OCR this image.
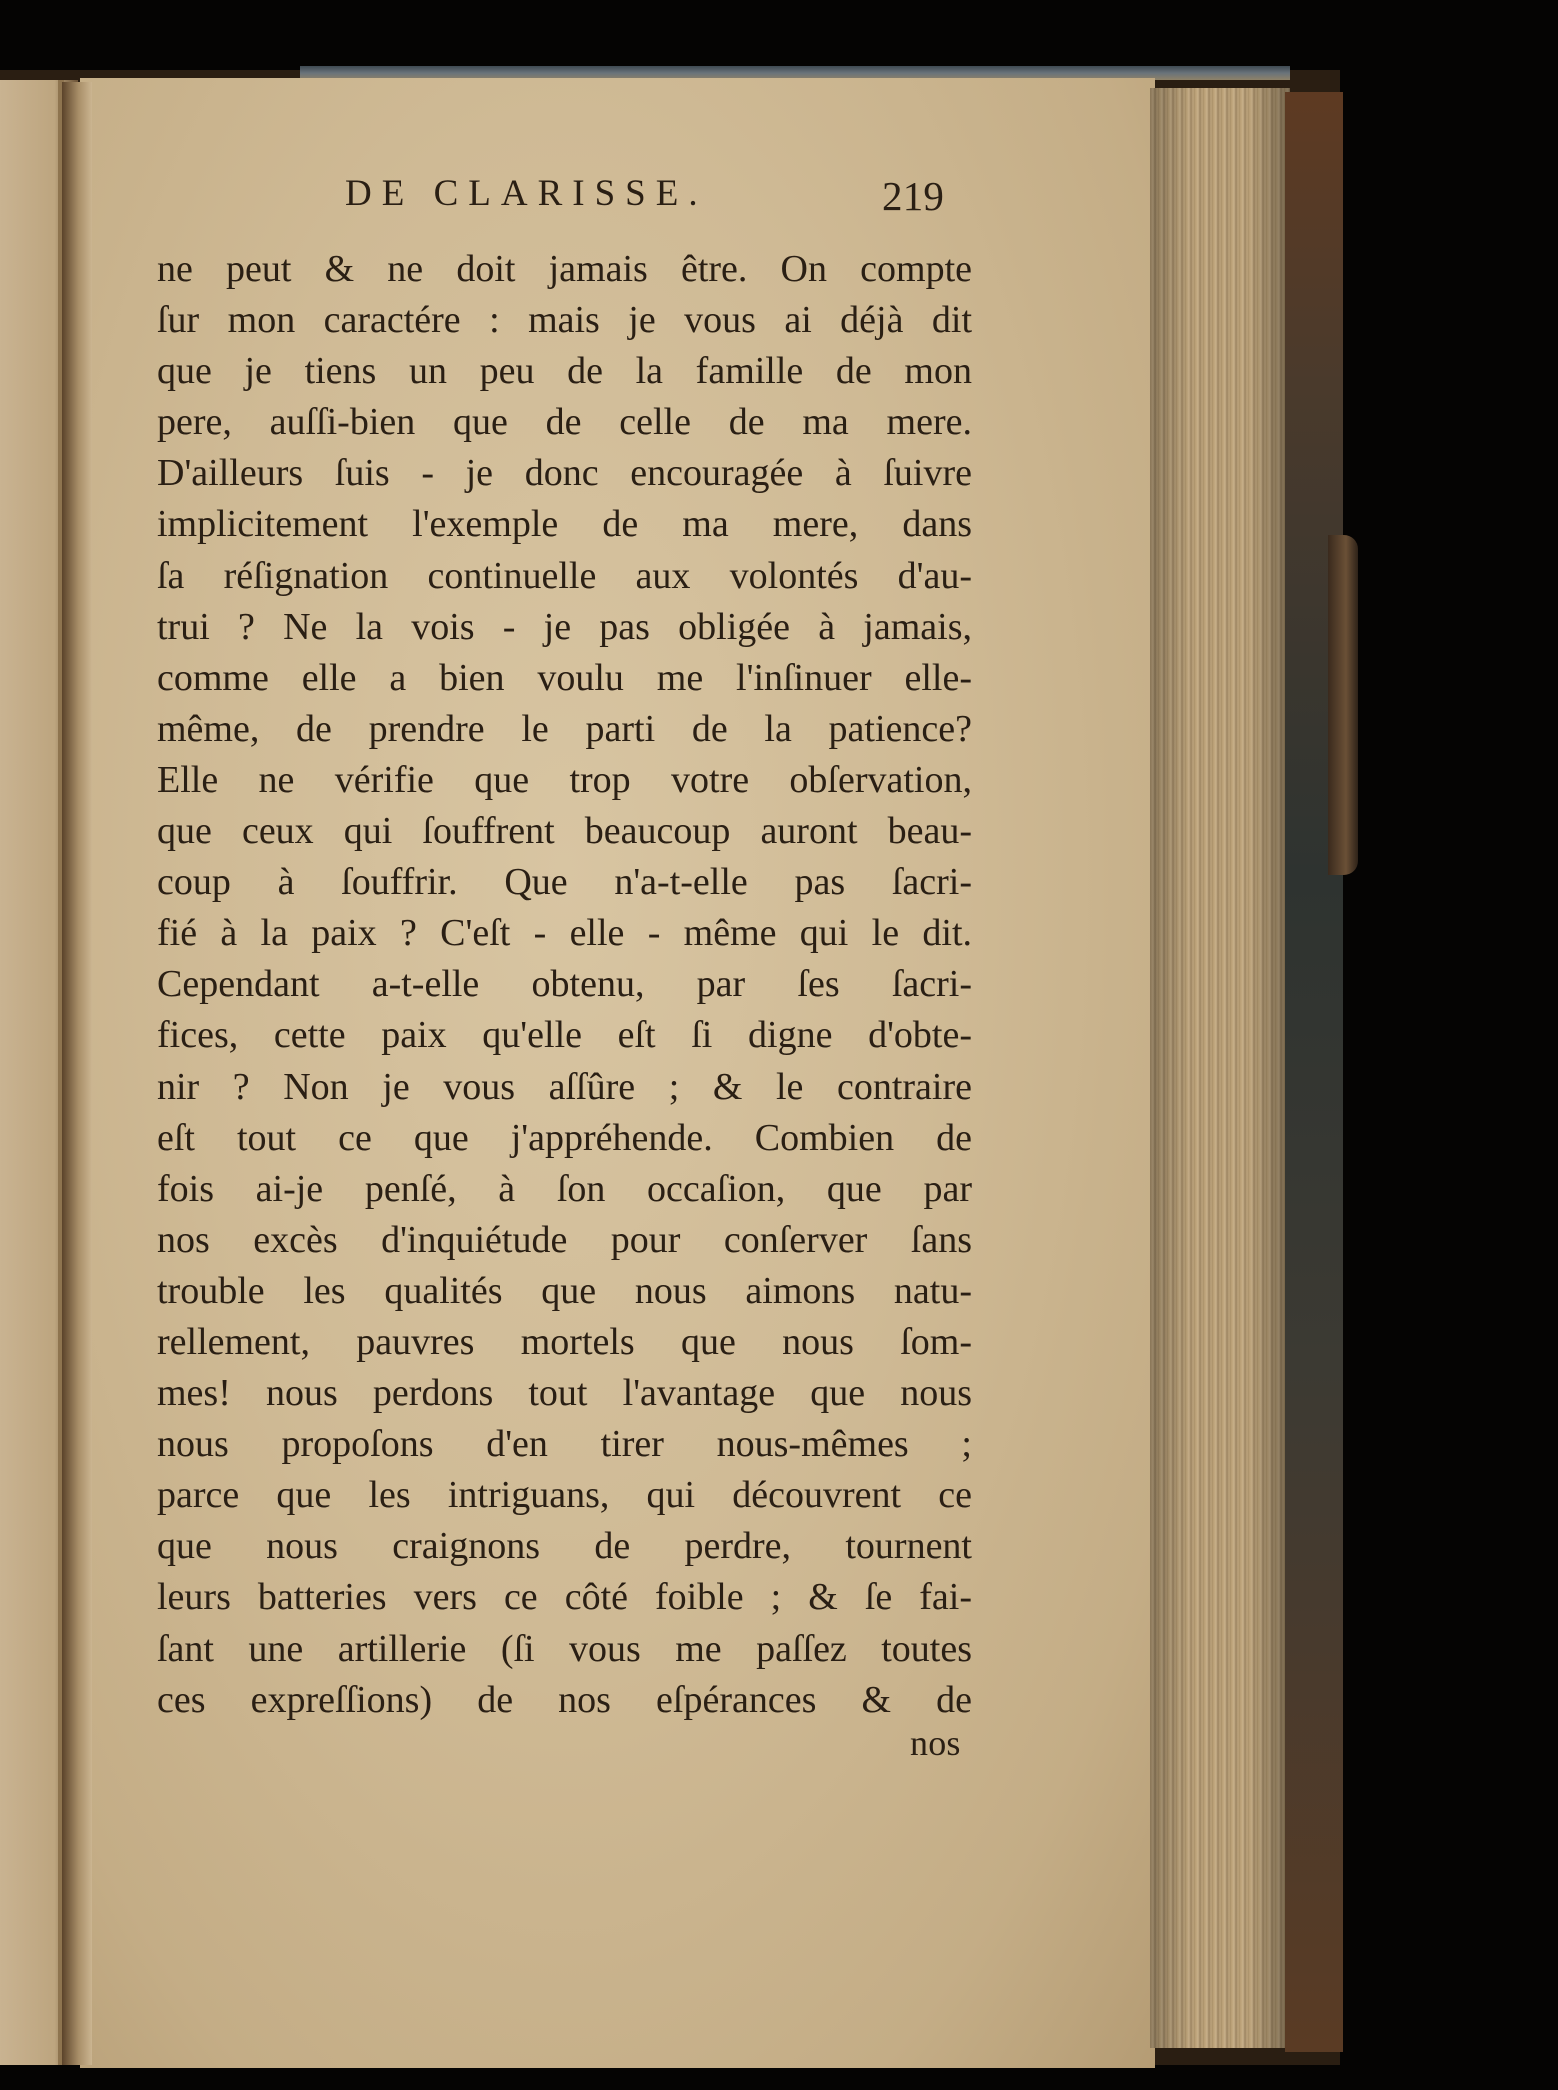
DE CLARISSE.	219
ne peut & ne doit jamais être. On compte
ſur mon caractére : mais je vous ai déjà dit
que je tiens un peu de la famille de mon
pere, auſſi-bien que de celle de ma mere.
D'ailleurs ſuis - je donc encouragée à ſuivre
implicitement l'exemple de ma mere, dans
ſa réſignation continuelle aux volontés d'au-
trui ? Ne la vois - je pas obligée à jamais,
comme elle a bien voulu me l'inſinuer elle-
même, de prendre le parti de la patience?
Elle ne vérifie que trop votre obſervation,
que ceux qui ſouffrent beaucoup auront beau-
coup à ſouffrir. Que n'a-t-elle pas ſacri-
fié à la paix ? C'eſt - elle - même qui le dit.
Cependant a-t-elle obtenu, par ſes ſacri-
fices, cette paix qu'elle eſt ſi digne d'obte-
nir ? Non je vous aſſûre ; & le contraire
eſt tout ce que j'appréhende. Combien de
fois ai-je penſé, à ſon occaſion, que par
nos excès d'inquiétude pour conſerver ſans
trouble les qualités que nous aimons natu-
rellement, pauvres mortels que nous ſom-
mes! nous perdons tout l'avantage que nous
nous propoſons d'en tirer nous-mêmes ;
parce que les intriguans, qui découvrent ce
que nous craignons de perdre, tournent
leurs batteries vers ce côté foible ; & ſe fai-
ſant une artillerie (ſi vous me paſſez toutes
ces expreſſions) de nos eſpérances & de
nos
